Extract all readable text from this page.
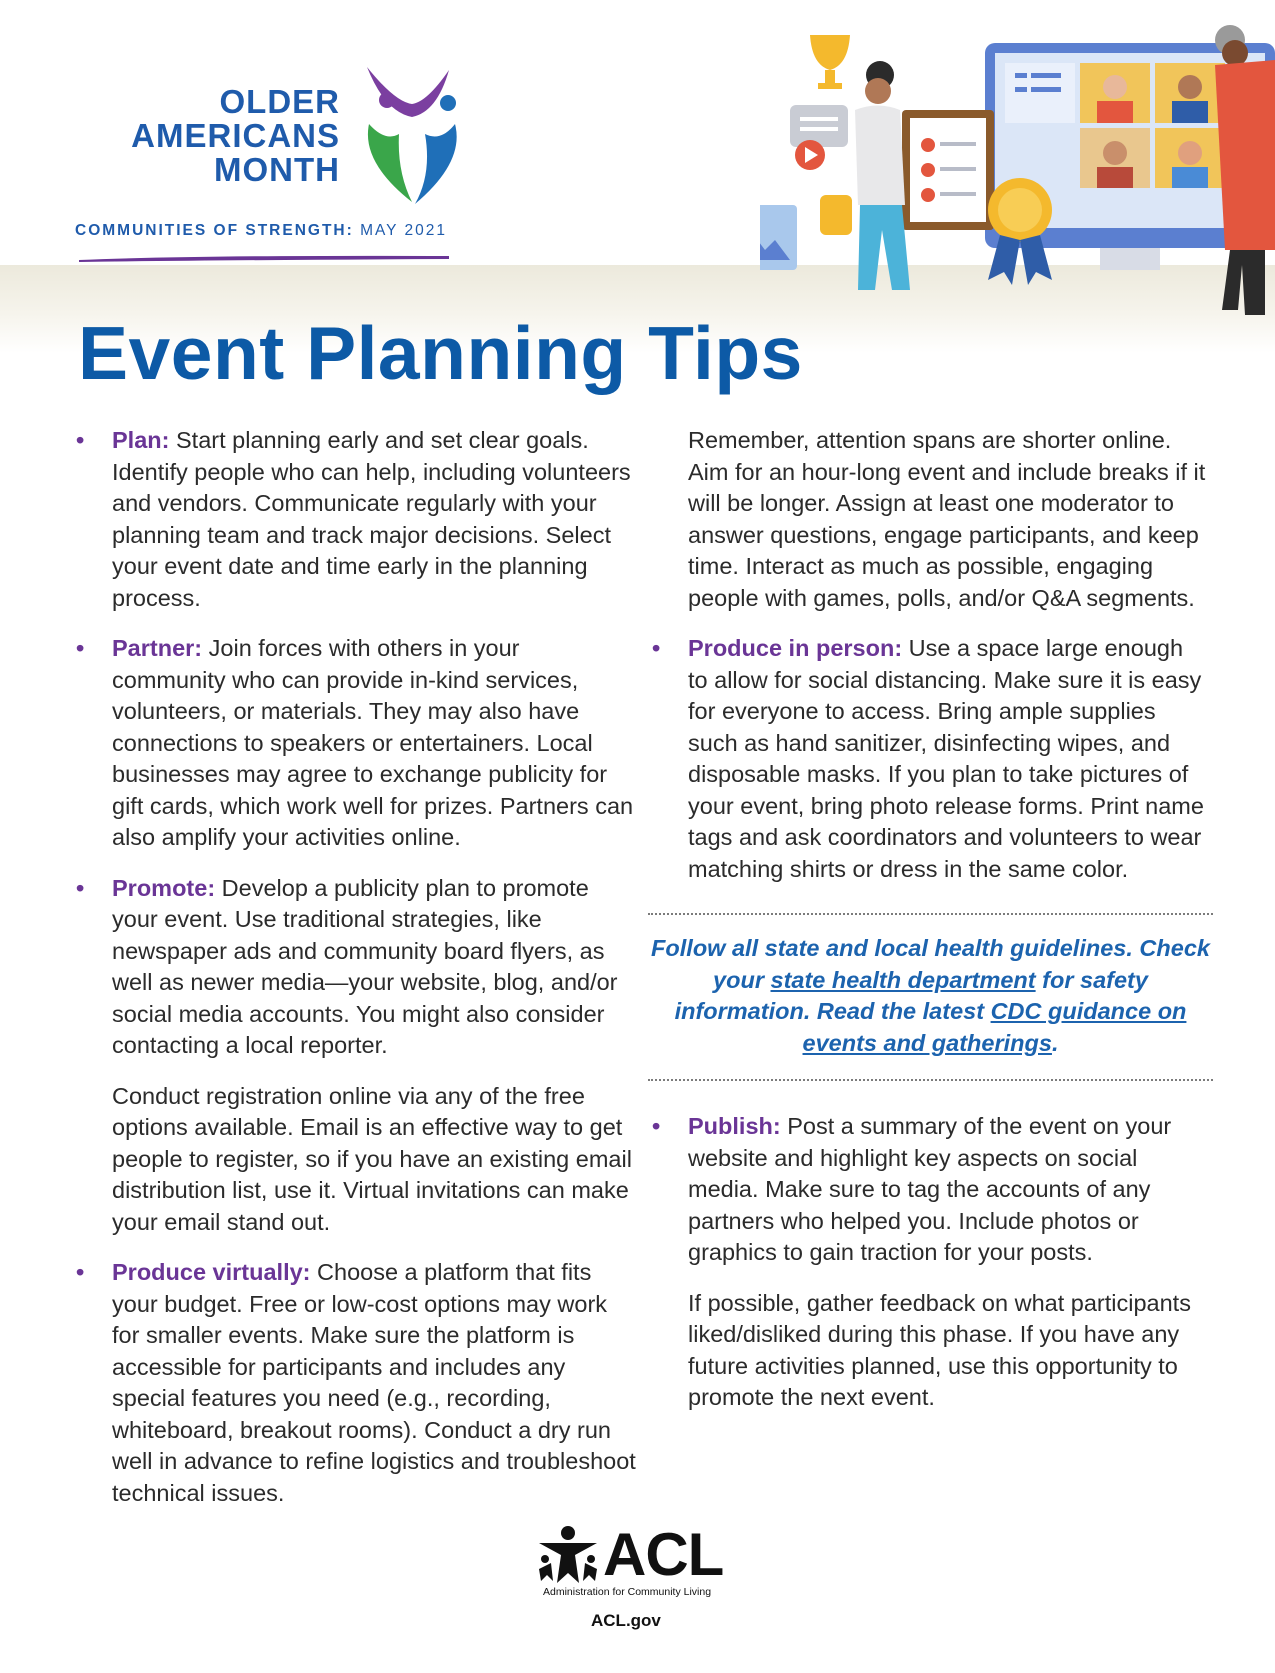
OLDER
AMERICANS
MONTH
COMMUNITIES OF STRENGTH: MAY 2021
Event Planning Tips
• Plan: Start planning early and set clear goals. Identify people who can help, including volunteers and vendors. Communicate regularly with your planning team and track major decisions. Select your event date and time early in the planning process.
• Partner: Join forces with others in your community who can provide in-kind services, volunteers, or materials. They may also have connections to speakers or entertainers. Local businesses may agree to exchange publicity for gift cards, which work well for prizes. Partners can also amplify your activities online.
• Promote: Develop a publicity plan to promote your event. Use traditional strategies, like newspaper ads and community board flyers, as well as newer media—your website, blog, and/or social media accounts. You might also consider contacting a local reporter.

Conduct registration online via any of the free options available. Email is an effective way to get people to register, so if you have an existing email distribution list, use it. Virtual invitations can make your email stand out.

• Produce virtually: Choose a platform that fits your budget. Free or low-cost options may work for smaller events. Make sure the platform is accessible for participants and includes any special features you need (e.g., recording, whiteboard, breakout rooms). Conduct a dry run well in advance to refine logistics and troubleshoot technical issues.

Remember, attention spans are shorter online. Aim for an hour-long event and include breaks if it will be longer. Assign at least one moderator to answer questions, engage participants, and keep time. Interact as much as possible, engaging people with games, polls, and/or Q&A segments.

• Produce in person: Use a space large enough to allow for social distancing. Make sure it is easy for everyone to access. Bring ample supplies such as hand sanitizer, disinfecting wipes, and disposable masks. If you plan to take pictures of your event, bring photo release forms. Print name tags and ask coordinators and volunteers to wear matching shirts or dress in the same color.
Follow all state and local health guidelines. Check your state health department for safety information. Read the latest CDC guidance on events and gatherings.
• Publish: Post a summary of the event on your website and highlight key aspects on social media. Make sure to tag the accounts of any partners who helped you. Include photos or graphics to gain traction for your posts.

If possible, gather feedback on what participants liked/disliked during this phase. If you have any future activities planned, use this opportunity to promote the next event.

ACL
Administration for Community Living
ACL.gov
